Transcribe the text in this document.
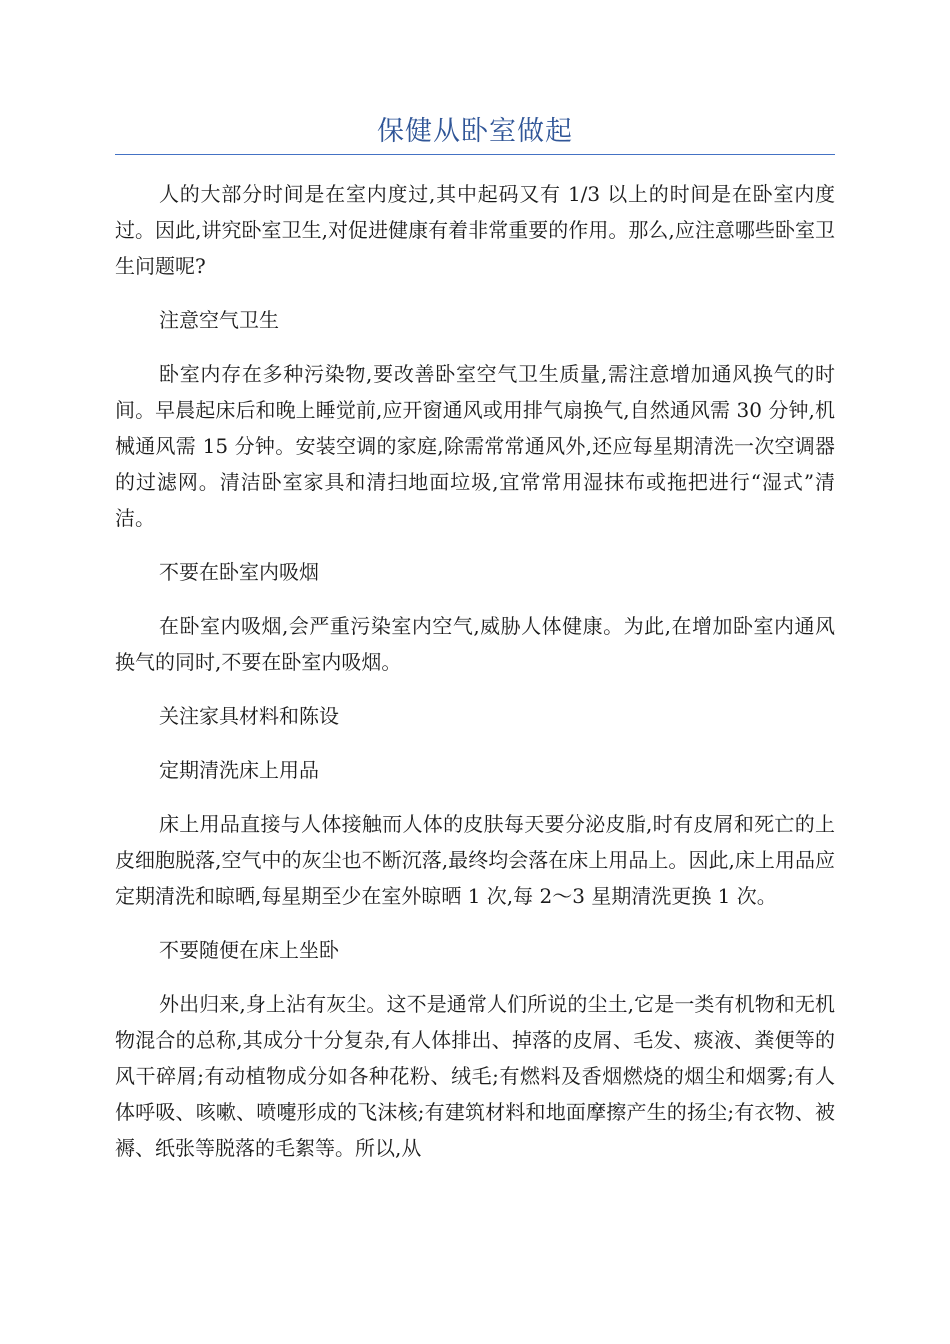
保健从卧室做起

人的大部分时间是在室内度过,其中起码又有 1/3 以上的时间是在卧室内度过。因此,讲究卧室卫生,对促进健康有着非常重要的作用。那么,应注意哪些卧室卫生问题呢?

注意空气卫生

卧室内存在多种污染物,要改善卧室空气卫生质量,需注意增加通风换气的时间。早晨起床后和晚上睡觉前,应开窗通风或用排气扇换气,自然通风需 30 分钟,机械通风需 15 分钟。安装空调的家庭,除需常常通风外,还应每星期清洗一次空调器的过滤网。清洁卧室家具和清扫地面垃圾,宜常常用湿抹布或拖把进行“湿式”清洁。

不要在卧室内吸烟

在卧室内吸烟,会严重污染室内空气,威胁人体健康。为此,在增加卧室内通风换气的同时,不要在卧室内吸烟。

关注家具材料和陈设

定期清洗床上用品

床上用品直接与人体接触而人体的皮肤每天要分泌皮脂,时有皮屑和死亡的上皮细胞脱落,空气中的灰尘也不断沉落,最终均会落在床上用品上。因此,床上用品应定期清洗和晾晒,每星期至少在室外晾晒 1 次,每 2～3 星期清洗更换 1 次。

不要随便在床上坐卧

外出归来,身上沾有灰尘。这不是通常人们所说的尘土,它是一类有机物和无机物混合的总称,其成分十分复杂,有人体排出、掉落的皮屑、毛发、痰液、粪便等的风干碎屑;有动植物成分如各种花粉、绒毛;有燃料及香烟燃烧的烟尘和烟雾;有人体呼吸、咳嗽、喷嚏形成的飞沫核;有建筑材料和地面摩擦产生的扬尘;有衣物、被褥、纸张等脱落的毛絮等。所以,从
